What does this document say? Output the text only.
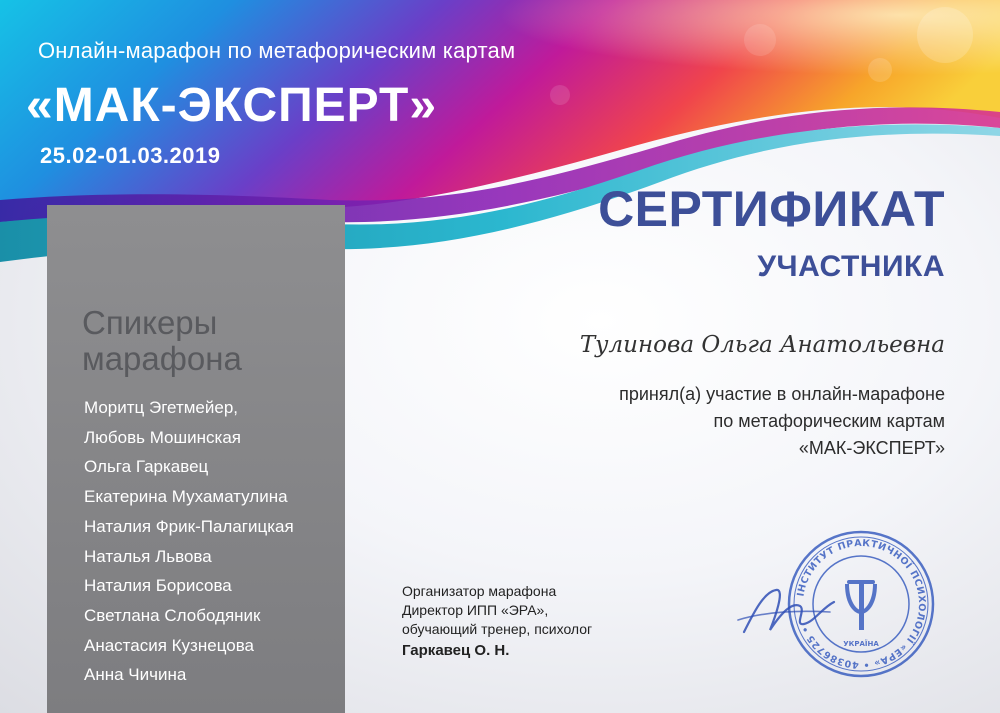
Онлайн-марафон по метафорическим картам
«МАК-ЭКСПЕРТ»
25.02-01.03.2019
Спикеры
марафона
Моритц Эгетмейер,
Любовь Мошинская
Ольга Гаркавец
Екатерина Мухаматулина
Наталия Фрик-Палагицкая
Наталья Львова
Наталия Борисова
Светлана Слободяник
Анастасия Кузнецова
Анна Чичина
СЕРТИФИКАТ
УЧАСТНИКА
Тулинова Ольга Анатольевна
принял(а) участие в онлайн-марафоне
по метафорическим картам
«МАК-ЭКСПЕРТ»
Организатор марафона
Директор ИПП «ЭРА»,
обучающий тренер, психолог
Гаркавец О. Н.
ІНСТИТУТ ПРАКТИЧНОЇ ПСИХОЛОГІЇ «ЕРА» • 40386725 •
УКРАЇНА
